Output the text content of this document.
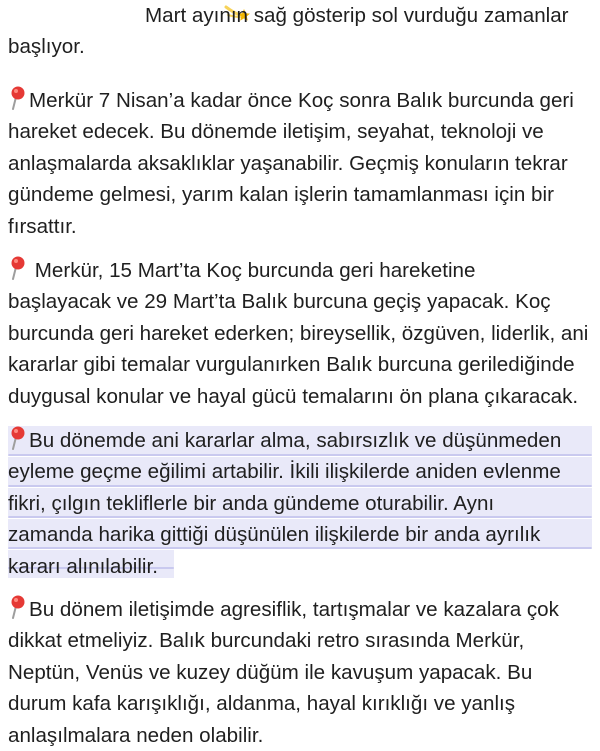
Mart ayının sağ gösterip sol vurduğu zamanlar
başlıyor.

Merkür 7 Nisan’a kadar önce Koç sonra Balık burcunda geri
hareket edecek. Bu dönemde iletişim, seyahat, teknoloji ve
anlaşmalarda aksaklıklar yaşanabilir. Geçmiş konuların tekrar
gündeme gelmesi, yarım kalan işlerin tamamlanması için bir
fırsattır.

Merkür, 15 Mart’ta Koç burcunda geri hareketine
başlayacak ve 29 Mart’ta Balık burcuna geçiş yapacak. Koç
burcunda geri hareket ederken; bireysellik, özgüven, liderlik, ani
kararlar gibi temalar vurgulanırken Balık burcuna gerilediğinde
duygusal konular ve hayal gücü temalarını ön plana çıkaracak.

Bu dönemde ani kararlar alma, sabırsızlık ve düşünmeden
eyleme geçme eğilimi artabilir. İkili ilişkilerde aniden evlenme
fikri, çılgın tekliflerle bir anda gündeme oturabilir. Aynı
zamanda harika gittiği düşünülen ilişkilerde bir anda ayrılık
kararı alınılabilir.

Bu dönem iletişimde agresiflik, tartışmalar ve kazalara çok
dikkat etmeliyiz. Balık burcundaki retro sırasında Merkür,
Neptün, Venüs ve kuzey düğüm ile kavuşum yapacak. Bu
durum kafa karışıklığı, aldanma, hayal kırıklığı ve yanlış
anlaşılmalara neden olabilir.
